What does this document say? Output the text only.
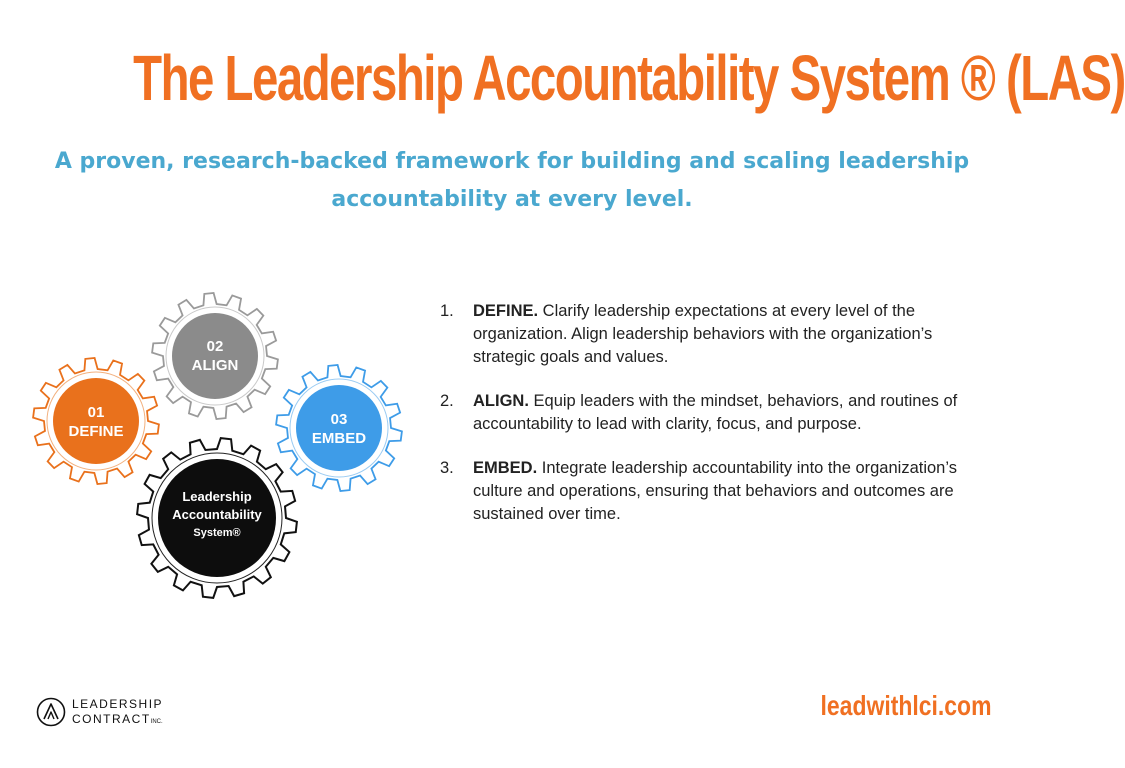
The Leadership Accountability System ® (LAS)

A proven, research-backed framework for building and scaling leadership accountability at every level.

02
ALIGN
01
DEFINE
03
EMBED
Leadership
Accountability
System®
1. DEFINE. Clarify leadership expectations at every level of the organization. Align leadership behaviors with the organization’s strategic goals and values.
2. ALIGN. Equip leaders with the mindset, behaviors, and routines of accountability to lead with clarity, focus, and purpose.
3. EMBED. Integrate leadership accountability into the organization’s culture and operations, ensuring that behaviors and outcomes are sustained over time.
LEADERSHIP
CONTRACTINC.
leadwithlci.com
